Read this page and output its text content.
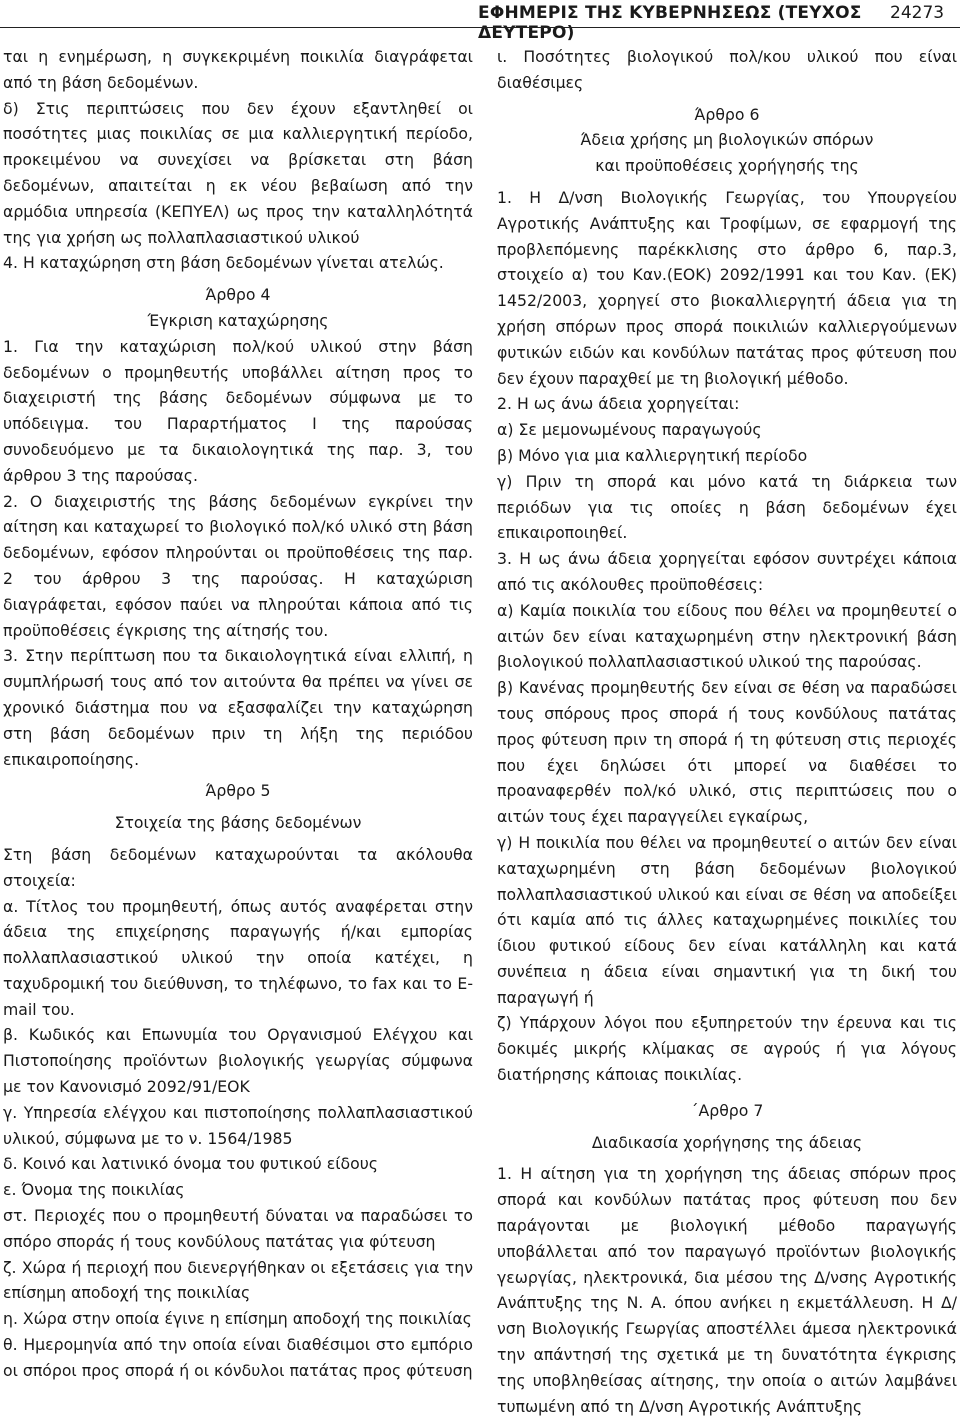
ΕΦΗΜΕΡΙΣ ΤΗΣ ΚΥΒΕΡΝΗΣΕΩΣ (ΤΕΥΧΟΣ ΔΕΥΤΕΡΟ)
24273

ται η ενημέρωση, η συγκεκριμένη ποικιλία διαγράφεται από τη βάση δεδομένων.

δ) Στις περιπτώσεις που δεν έχουν εξαντληθεί οι ποσότητες μιας ποικιλίας σε μια καλλιεργητική περίοδο, προκειμένου να συνεχίσει να βρίσκεται στη βάση δεδομένων, απαιτείται η εκ νέου βεβαίωση από την αρμόδια υπηρεσία (ΚΕΠΥΕΛ) ως προς την καταλληλότητά της για χρήση ως πολλαπλασιαστικού υλικού

4. Η καταχώρηση στη βάση δεδομένων γίνεται ατελώς.

Άρθρο 4

Έγκριση καταχώρησης

1. Για την καταχώριση πολ/κού υλικού στην βάση δεδομένων ο προμηθευτής υποβάλλει αίτηση προς το διαχειριστή της βάσης δεδομένων σύμφωνα με το υπόδειγμα. του Παραρτήματος Ι της παρούσας συνοδευόμενο με τα δικαιολογητικά της παρ. 3, του άρθρου 3 της παρούσας.

2. Ο διαχειριστής της βάσης δεδομένων εγκρίνει την αίτηση και καταχωρεί το βιολογικό πολ/κό υλικό στη βάση δεδομένων, εφόσον πληρούνται οι προϋποθέσεις της παρ. 2 του άρθρου 3 της παρούσας. Η καταχώριση διαγράφεται, εφόσον παύει να πληρούται κάποια από τις προϋποθέσεις έγκρισης της αίτησής του.

3. Στην περίπτωση που τα δικαιολογητικά είναι ελλιπή, η συμπλήρωσή τους από τον αιτούντα θα πρέπει να γίνει σε χρονικό διάστημα που να εξασφαλίζει την καταχώρηση στη βάση δεδομένων πριν τη λήξη της περιόδου επικαιροποίησης.

Άρθρο 5

Στοιχεία της βάσης δεδομένων

Στη βάση δεδομένων καταχωρούνται τα ακόλουθα στοιχεία:

α. Τίτλος του προμηθευτή, όπως αυτός αναφέρεται στην άδεια της επιχείρησης παραγωγής ή/και εμπορίας πολλαπλασιαστικού υλικού την οποία κατέχει, η ταχυδρομική του διεύθυνση, το τηλέφωνο, το fax και το E-mail του.

β. Κωδικός και Επωνυμία του Οργανισμού Ελέγχου και Πιστοποίησης προϊόντων βιολογικής γεωργίας σύμφωνα με τον Κανονισμό 2092/91/ΕΟΚ

γ. Υπηρεσία ελέγχου και πιστοποίησης πολλαπλασιαστικού υλικού, σύμφωνα με το ν. 1564/1985

δ. Κοινό και λατινικό όνομα του φυτικού είδους

ε. Όνομα της ποικιλίας

στ. Περιοχές που ο προμηθευτή δύναται να παραδώσει το σπόρο σποράς ή τους κονδύλους πατάτας για φύτευση

ζ. Χώρα ή περιοχή που διενεργήθηκαν οι εξετάσεις για την επίσημη αποδοχή της ποικιλίας

η. Χώρα στην οποία έγινε η επίσημη αποδοχή της ποικιλίας

θ. Ημερομηνία από την οποία είναι διαθέσιμοι στο εμπόριο οι σπόροι προς σπορά ή οι κόνδυλοι πατάτας προς φύτευση

ι. Ποσότητες βιολογικού πολ/κου υλικού που είναι διαθέσιμες

Άρθρο 6

Άδεια χρήσης μη βιολογικών σπόρων

και προϋποθέσεις χορήγησής της

1. Η Δ/νση Βιολογικής Γεωργίας, του Υπουργείου Αγροτικής Ανάπτυξης και Τροφίμων, σε εφαρμογή της προβλεπόμενης παρέκκλισης στο άρθρο 6, παρ.3, στοιχείο α) του Καν.(ΕΟΚ) 2092/1991 και του Καν. (ΕΚ) 1452/2003, χορηγεί στο βιοκαλλιεργητή άδεια για τη χρήση σπόρων προς σπορά ποικιλιών καλλιεργούμενων φυτικών ειδών και κονδύλων πατάτας προς φύτευση που δεν έχουν παραχθεί με τη βιολογική μέθοδο.

2. Η ως άνω άδεια χορηγείται:

α) Σε μεμονωμένους παραγωγούς

β) Μόνο για μια καλλιεργητική περίοδο

γ) Πριν τη σπορά και μόνο κατά τη διάρκεια των περιόδων για τις οποίες η βάση δεδομένων έχει επικαιροποιηθεί.

3. Η ως άνω άδεια χορηγείται εφόσον συντρέχει κάποια από τις ακόλουθες προϋποθέσεις:

α) Καμία ποικιλία του είδους που θέλει να προμηθευτεί ο αιτών δεν είναι καταχωρημένη στην ηλεκτρονική βάση βιολογικού πολλαπλασιαστικού υλικού της παρούσας.

β) Κανένας προμηθευτής δεν είναι σε θέση να παραδώσει τους σπόρους προς σπορά ή τους κονδύλους πατάτας προς φύτευση πριν τη σπορά ή τη φύτευση στις περιοχές που έχει δηλώσει ότι μπορεί να διαθέσει το προαναφερθέν πολ/κό υλικό, στις περιπτώσεις που ο αιτών τους έχει παραγγείλει εγκαίρως,

γ) Η ποικιλία που θέλει να προμηθευτεί ο αιτών δεν είναι καταχωρημένη στη βάση δεδομένων βιολογικού πολλαπλασιαστικού υλικού και είναι σε θέση να αποδείξει ότι καμία από τις άλλες καταχωρημένες ποικιλίες του ίδιου φυτικού είδους δεν είναι κατάλληλη και κατά συνέπεια η άδεια είναι σημαντική για τη δική του παραγωγή ή

ζ) Υπάρχουν λόγοι που εξυπηρετούν την έρευνα και τις δοκιμές μικρής κλίμακας σε αγρούς ή για λόγους διατήρησης κάποιας ποικιλίας.

΄Αρθρο 7

Διαδικασία χορήγησης της άδειας

1. Η αίτηση για τη χορήγηση της άδειας σπόρων προς σπορά και κονδύλων πατάτας προς φύτευση που δεν παράγονται με βιολογική μέθοδο παραγωγής υποβάλλεται από τον παραγωγό προϊόντων βιολογικής γεωργίας, ηλεκτρονικά, δια μέσου της Δ/νσης Αγροτικής Ανάπτυξης της Ν. Α. όπου ανήκει η εκμετάλλευση. Η Δ/νση Βιολογικής Γεωργίας αποστέλλει άμεσα ηλεκτρονικά την απάντησή της σχετικά με τη δυνατότητα έγκρισης της υποβληθείσας αίτησης, την οποία ο αιτών λαμβάνει τυπωμένη από τη Δ/νση Αγροτικής Ανάπτυξης
